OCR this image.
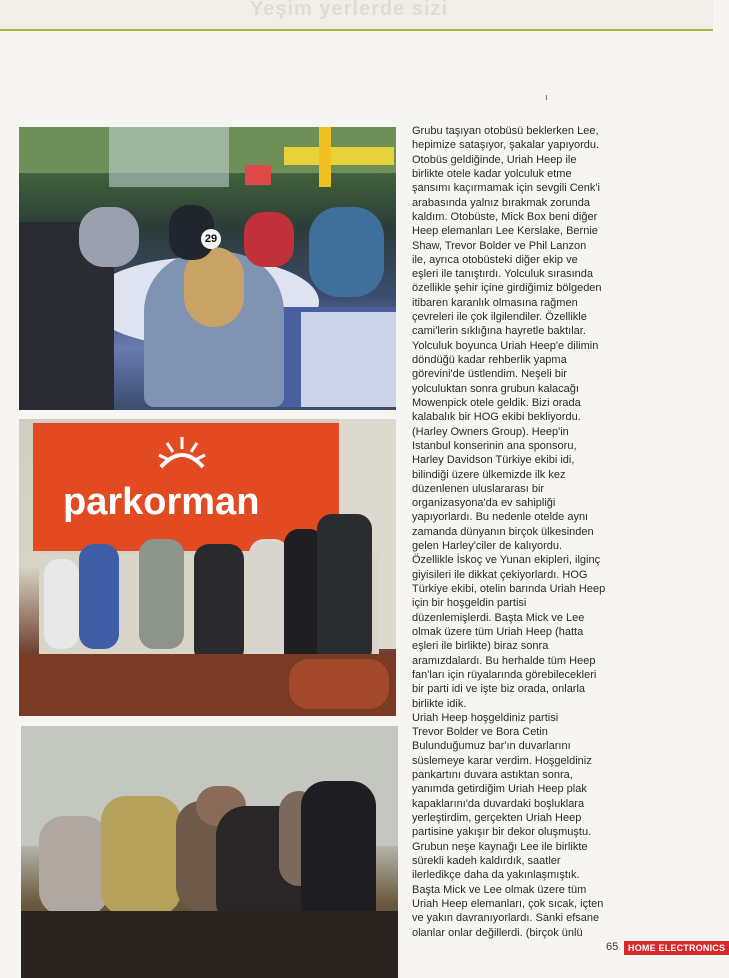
Yeşim yerlerde sizi
29
parkorman

Grubu taşıyan otobüsü beklerken Lee,

hepimize sataşıyor, şakalar yapıyordu.

Otobüs geldiğinde, Uriah Heep ile

birlikte otele kadar yolculuk etme

şansımı kaçırmamak için sevgili Cenk'i

arabasında yalnız bırakmak zorunda

kaldım. Otobüste, Mick Box beni diğer

Heep elemanları Lee Kerslake, Bernie

Shaw, Trevor Bolder ve Phil Lanzon

ile, ayrıca otobüsteki diğer ekip ve

eşleri ile tanıştırdı. Yolculuk sırasında

özellikle şehir içine girdiğimiz bölgeden

itibaren karanlık olmasına rağmen

çevreleri ile çok ilgilendiler. Özellikle

cami'lerin sıklığına hayretle baktılar.

Yolculuk boyunca Uriah Heep'e dilimin

döndüğü kadar rehberlik yapma

görevini'de üstlendim. Neşeli bir

yolculuktan sonra grubun kalacağı

Mowenpick otele geldik. Bizi orada

kalabalık bir HOG ekibi bekliyordu.

(Harley Owners Group). Heep'in

Istanbul konserinin ana sponsoru,

Harley Davidson Türkiye ekibi idi,

bilindiği üzere ülkemizde ilk kez

düzenlenen uluslararası bir

organizasyona'da ev sahipliği

yapıyorlardı. Bu nedenle otelde aynı

zamanda dünyanın birçok ülkesinden

gelen Harley'ciler de kalıyordu.

Özellikle İskoç ve Yunan ekipleri, ilginç

giyisileri ile dikkat çekiyorlardı. HOG

Türkiye ekibi, otelin barında Uriah Heep

için bir hoşgeldin partisi

düzenlemişlerdi. Başta Mick ve Lee

olmak üzere tüm Uriah Heep (hatta

eşleri ile birlikte) biraz sonra

aramızdalardı. Bu herhalde tüm Heep

fan'ları için rüyalarında görebilecekleri

bir parti idi ve işte biz orada, onlarla

birlikte idik.

Uriah Heep hoşgeldiniz partisi

Trevor Bolder ve Bora Cetin

Bulunduğumuz bar'ın duvarlarını

süslemeye karar verdim. Hoşgeldiniz

pankartını duvara astıktan sonra,

yanımda getirdiğim Uriah Heep plak

kapaklarını'da duvardaki boşluklara

yerleştirdim, gerçekten Uriah Heep

partisine yakışır bir dekor oluşmuştu.

Grubun neşe kaynağı Lee ile birlikte

sürekli kadeh kaldırdık, saatler

ilerledikçe daha da yakınlaşmıştık.

Başta Mick ve Lee olmak üzere tüm

Uriah Heep elemanları, çok sıcak, içten

ve yakın davranıyorlardı. Sanki efsane

olanlar onlar değillerdi. (birçok ünlü

65	HOME ELECTRONICS
